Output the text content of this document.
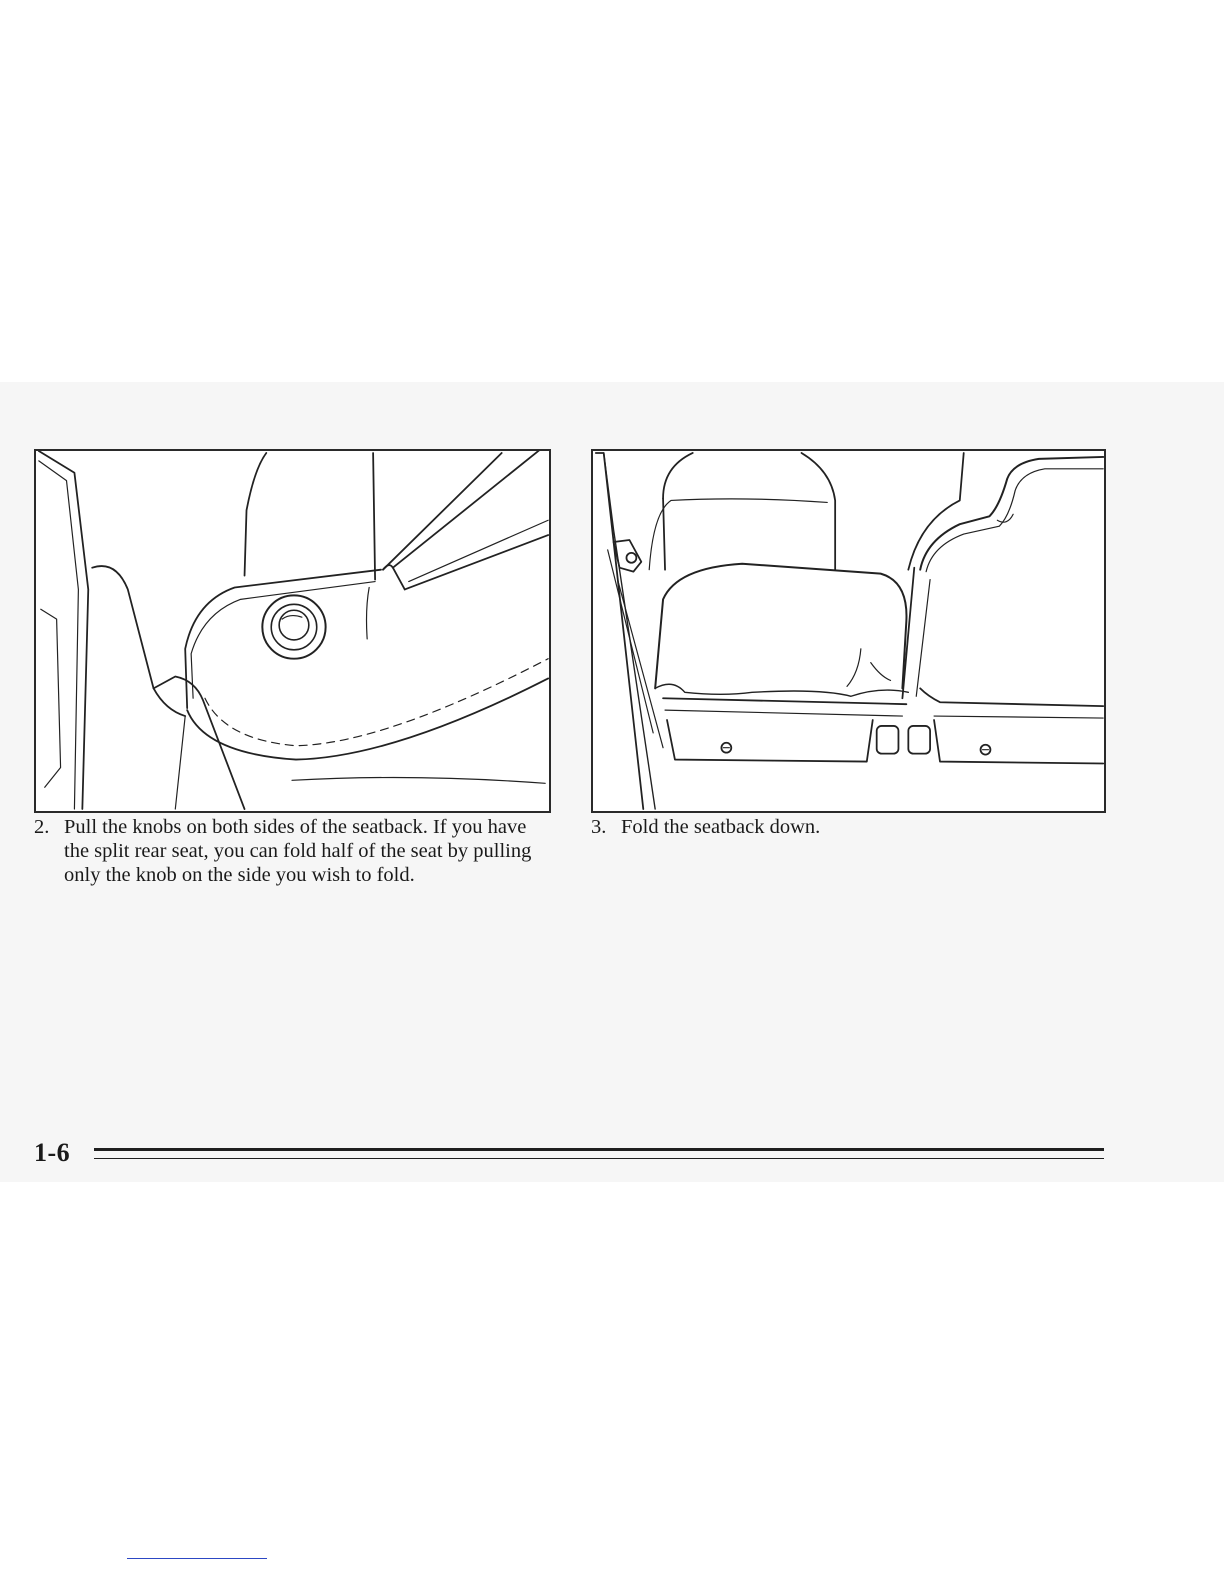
2. Pull the knobs on both sides of the seatback. If you have the split rear seat, you can fold half of the seat by pulling only the knob on the side you wish to fold.
3. Fold the seatback down.
1-6
